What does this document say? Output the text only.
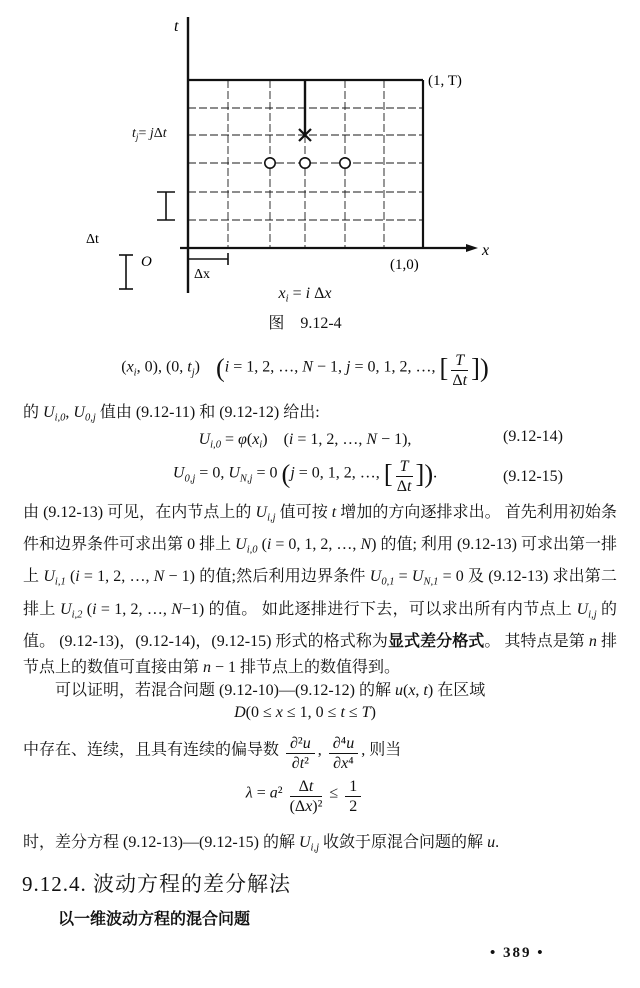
t
x
(1, T)
(1,0)
Δt
O
Δx
$t_j= j\Delta t$
$x_i = i$ Δx
图　9.12-4
($x_i$, 0), (0, $t_j$)　(i = 1, 2, …, N − 1, j = 0, 1, 2, …, [ $\frac{T}{\Delta t}$ ])
的 $U_{i,0}$, $U_{0,j}$ 值由 (9.12-11) 和 (9.12-12) 给出:
$U_{i,0} = \varphi(x_i)$　(i = 1, 2, …, N − 1),	(9.12-14)
$U_{0,j} = 0$, $U_{N,j} = 0$ (j = 0, 1, 2, …, [ $\frac{T}{\Delta t}$ ]).	(9.12-15)
由 (9.12-13) 可见，在内节点上的 $U_{i,j}$ 值可按 t 增加的方向逐排求出。 首先利用初始条件和边界条件可求出第 0 排上 $U_{i,0}$ (i = 0, 1, 2, …, N) 的值; 利用 (9.12-13) 可求出第一排上 $U_{i,1}$ (i = 1, 2, …, N − 1) 的值;然后利用边界条件 $U_{0,1} = U_{N,1} = 0$ 及 (9.12-13) 求出第二排上 $U_{i,2}$ (i = 1, 2, …, N−1) 的值。 如此逐排进行下去，可以求出所有内节点上 $U_{i,j}$ 的值。 (9.12-13)，(9.12-14)，(9.12-15) 形式的格式称为显式差分格式。 其特点是第 n 排节点上的数值可直接由第 n − 1 排节点上的数值得到。
可以证明，若混合问题 (9.12-10)—(9.12-12) 的解 u(x, t) 在区域
D(0 ≤ x ≤ 1, 0 ≤ t ≤ T)
中存在、连续，且具有连续的偏导数 $\frac{\text{∂²u}}{\text{∂t²}}$ , $\frac{\text{∂⁴u}}{\text{∂x⁴}}$ , 则当
$\lambda = a^2 \frac{\Delta t}{\text{(Δx)²}} \le \frac{1}{2}$
时，差分方程 (9.12-13)—(9.12-15) 的解 $U_{i,j}$ 收敛于原混合问题的解 u.
9.12.4. 波动方程的差分解法
以一维波动方程的混合问题
• 389 •
